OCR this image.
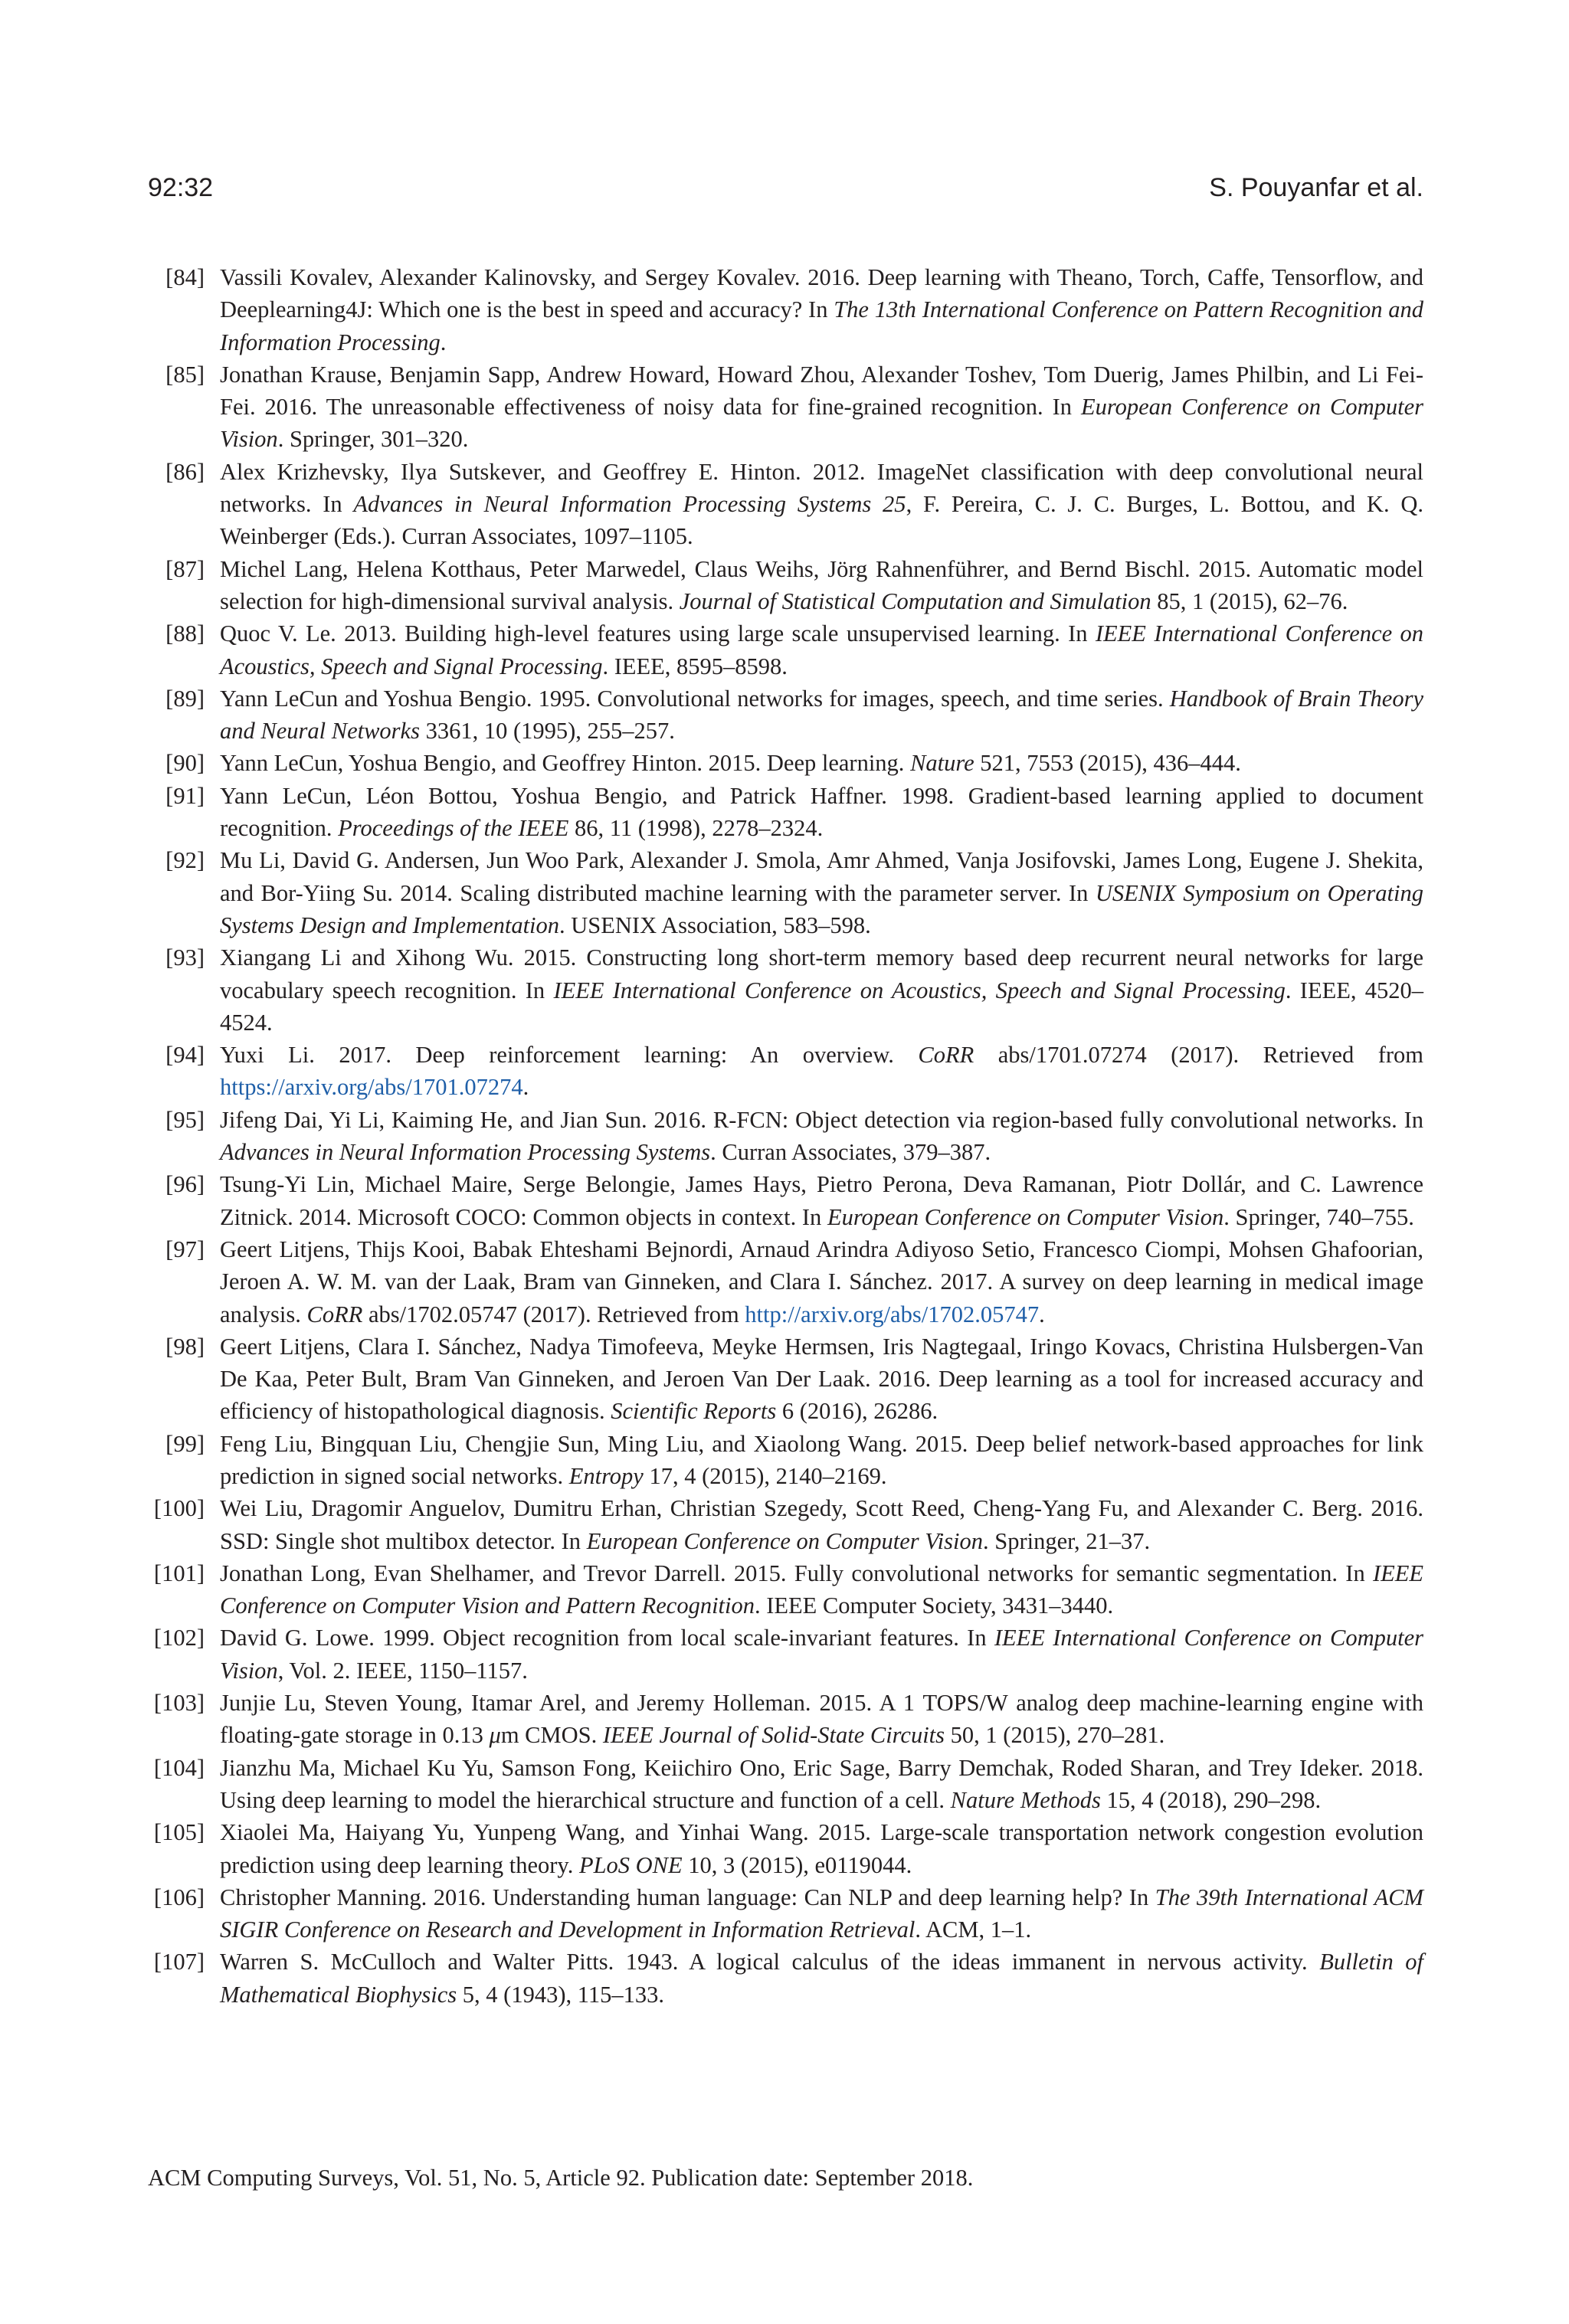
92:32	S. Pouyanfar et al.
[84] Vassili Kovalev, Alexander Kalinovsky, and Sergey Kovalev. 2016. Deep learning with Theano, Torch, Caffe, Tensorflow, and Deeplearning4J: Which one is the best in speed and accuracy? In The 13th International Conference on Pattern Recognition and Information Processing.
[85] Jonathan Krause, Benjamin Sapp, Andrew Howard, Howard Zhou, Alexander Toshev, Tom Duerig, James Philbin, and Li Fei-Fei. 2016. The unreasonable effectiveness of noisy data for fine-grained recognition. In European Conference on Computer Vision. Springer, 301–320.
[86] Alex Krizhevsky, Ilya Sutskever, and Geoffrey E. Hinton. 2012. ImageNet classification with deep convolutional neural networks. In Advances in Neural Information Processing Systems 25, F. Pereira, C. J. C. Burges, L. Bottou, and K. Q. Weinberger (Eds.). Curran Associates, 1097–1105.
[87] Michel Lang, Helena Kotthaus, Peter Marwedel, Claus Weihs, Jörg Rahnenführer, and Bernd Bischl. 2015. Automatic model selection for high-dimensional survival analysis. Journal of Statistical Computation and Simulation 85, 1 (2015), 62–76.
[88] Quoc V. Le. 2013. Building high-level features using large scale unsupervised learning. In IEEE International Conference on Acoustics, Speech and Signal Processing. IEEE, 8595–8598.
[89] Yann LeCun and Yoshua Bengio. 1995. Convolutional networks for images, speech, and time series. Handbook of Brain Theory and Neural Networks 3361, 10 (1995), 255–257.
[90] Yann LeCun, Yoshua Bengio, and Geoffrey Hinton. 2015. Deep learning. Nature 521, 7553 (2015), 436–444.
[91] Yann LeCun, Léon Bottou, Yoshua Bengio, and Patrick Haffner. 1998. Gradient-based learning applied to document recognition. Proceedings of the IEEE 86, 11 (1998), 2278–2324.
[92] Mu Li, David G. Andersen, Jun Woo Park, Alexander J. Smola, Amr Ahmed, Vanja Josifovski, James Long, Eugene J. Shekita, and Bor-Yiing Su. 2014. Scaling distributed machine learning with the parameter server. In USENIX Symposium on Operating Systems Design and Implementation. USENIX Association, 583–598.
[93] Xiangang Li and Xihong Wu. 2015. Constructing long short-term memory based deep recurrent neural networks for large vocabulary speech recognition. In IEEE International Conference on Acoustics, Speech and Signal Processing. IEEE, 4520–4524.
[94] Yuxi Li. 2017. Deep reinforcement learning: An overview. CoRR abs/1701.07274 (2017). Retrieved from https://arxiv.org/abs/1701.07274.
[95] Jifeng Dai, Yi Li, Kaiming He, and Jian Sun. 2016. R-FCN: Object detection via region-based fully convolutional networks. In Advances in Neural Information Processing Systems. Curran Associates, 379–387.
[96] Tsung-Yi Lin, Michael Maire, Serge Belongie, James Hays, Pietro Perona, Deva Ramanan, Piotr Dollár, and C. Lawrence Zitnick. 2014. Microsoft COCO: Common objects in context. In European Conference on Computer Vision. Springer, 740–755.
[97] Geert Litjens, Thijs Kooi, Babak Ehteshami Bejnordi, Arnaud Arindra Adiyoso Setio, Francesco Ciompi, Mohsen Ghafoorian, Jeroen A. W. M. van der Laak, Bram van Ginneken, and Clara I. Sánchez. 2017. A survey on deep learning in medical image analysis. CoRR abs/1702.05747 (2017). Retrieved from http://arxiv.org/abs/1702.05747.
[98] Geert Litjens, Clara I. Sánchez, Nadya Timofeeva, Meyke Hermsen, Iris Nagtegaal, Iringo Kovacs, Christina Hulsbergen-Van De Kaa, Peter Bult, Bram Van Ginneken, and Jeroen Van Der Laak. 2016. Deep learning as a tool for increased accuracy and efficiency of histopathological diagnosis. Scientific Reports 6 (2016), 26286.
[99] Feng Liu, Bingquan Liu, Chengjie Sun, Ming Liu, and Xiaolong Wang. 2015. Deep belief network-based approaches for link prediction in signed social networks. Entropy 17, 4 (2015), 2140–2169.
[100] Wei Liu, Dragomir Anguelov, Dumitru Erhan, Christian Szegedy, Scott Reed, Cheng-Yang Fu, and Alexander C. Berg. 2016. SSD: Single shot multibox detector. In European Conference on Computer Vision. Springer, 21–37.
[101] Jonathan Long, Evan Shelhamer, and Trevor Darrell. 2015. Fully convolutional networks for semantic segmentation. In IEEE Conference on Computer Vision and Pattern Recognition. IEEE Computer Society, 3431–3440.
[102] David G. Lowe. 1999. Object recognition from local scale-invariant features. In IEEE International Conference on Computer Vision, Vol. 2. IEEE, 1150–1157.
[103] Junjie Lu, Steven Young, Itamar Arel, and Jeremy Holleman. 2015. A 1 TOPS/W analog deep machine-learning engine with floating-gate storage in 0.13 μm CMOS. IEEE Journal of Solid-State Circuits 50, 1 (2015), 270–281.
[104] Jianzhu Ma, Michael Ku Yu, Samson Fong, Keiichiro Ono, Eric Sage, Barry Demchak, Roded Sharan, and Trey Ideker. 2018. Using deep learning to model the hierarchical structure and function of a cell. Nature Methods 15, 4 (2018), 290–298.
[105] Xiaolei Ma, Haiyang Yu, Yunpeng Wang, and Yinhai Wang. 2015. Large-scale transportation network congestion evolution prediction using deep learning theory. PLoS ONE 10, 3 (2015), e0119044.
[106] Christopher Manning. 2016. Understanding human language: Can NLP and deep learning help? In The 39th International ACM SIGIR Conference on Research and Development in Information Retrieval. ACM, 1–1.
[107] Warren S. McCulloch and Walter Pitts. 1943. A logical calculus of the ideas immanent in nervous activity. Bulletin of Mathematical Biophysics 5, 4 (1943), 115–133.
ACM Computing Surveys, Vol. 51, No. 5, Article 92. Publication date: September 2018.
